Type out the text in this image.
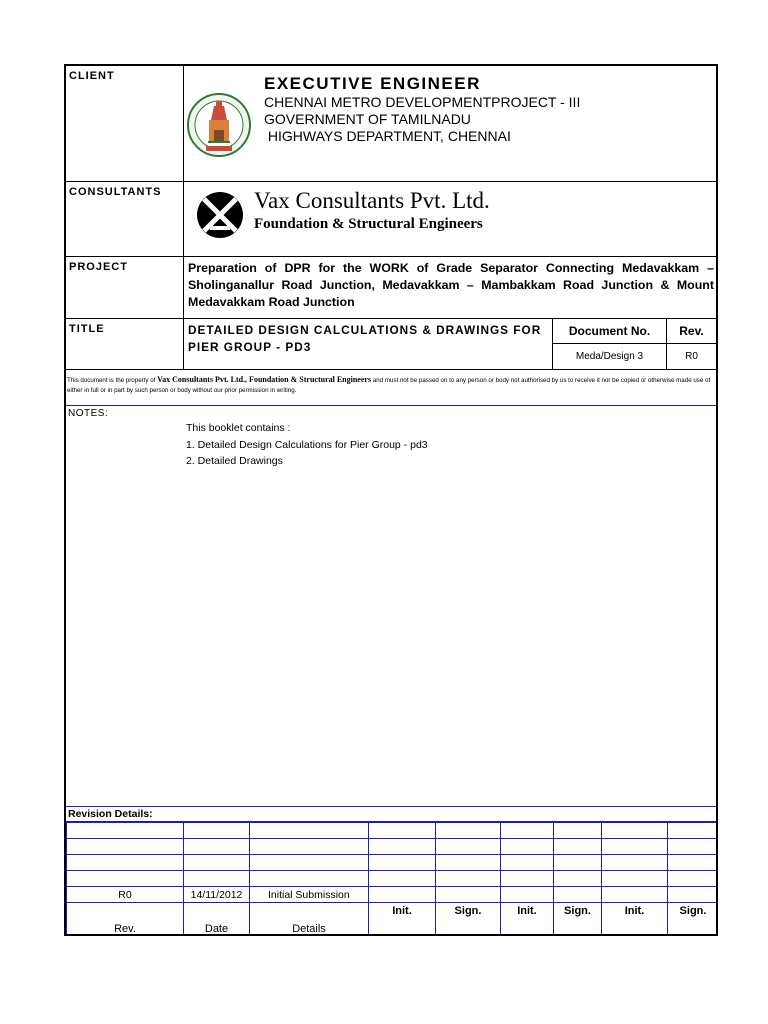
CLIENT	EXECUTIVE ENGINEER
CHENNAI METRO DEVELOPMENTPROJECT - III
GOVERNMENT OF TAMILNADU
HIGHWAYS DEPARTMENT, CHENNAI
CONSULTANTS	Vax Consultants Pvt. Ltd.
Foundation & Structural Engineers
PROJECT	Preparation of DPR for the WORK of Grade Separator Connecting Medavakkam – Sholinganallur Road Junction, Medavakkam – Mambakkam Road Junction & Mount Medavakkam Road Junction
TITLE	DETAILED DESIGN CALCULATIONS & DRAWINGS FOR PIER GROUP - PD3
Document No.	Rev.
Meda/Design 3	R0
This document is the property of Vax Consultants Pvt. Ltd., Foundation & Structural Engineers and must not be passed on to any person or body not authorised by us to receive it nor be copied or otherwise made use of either in full or in part by such person or body without our prior permission in writing.
NOTES:
This booklet contains :
1. Detailed Design Calculations for Pier Group - pd3
2. Detailed Drawings
Revision Details:

R0	14/11/2012	Initial Submission						
Rev.	Date	Details	Init.	Sign.	Init.	Sign.	Init.	Sign.
